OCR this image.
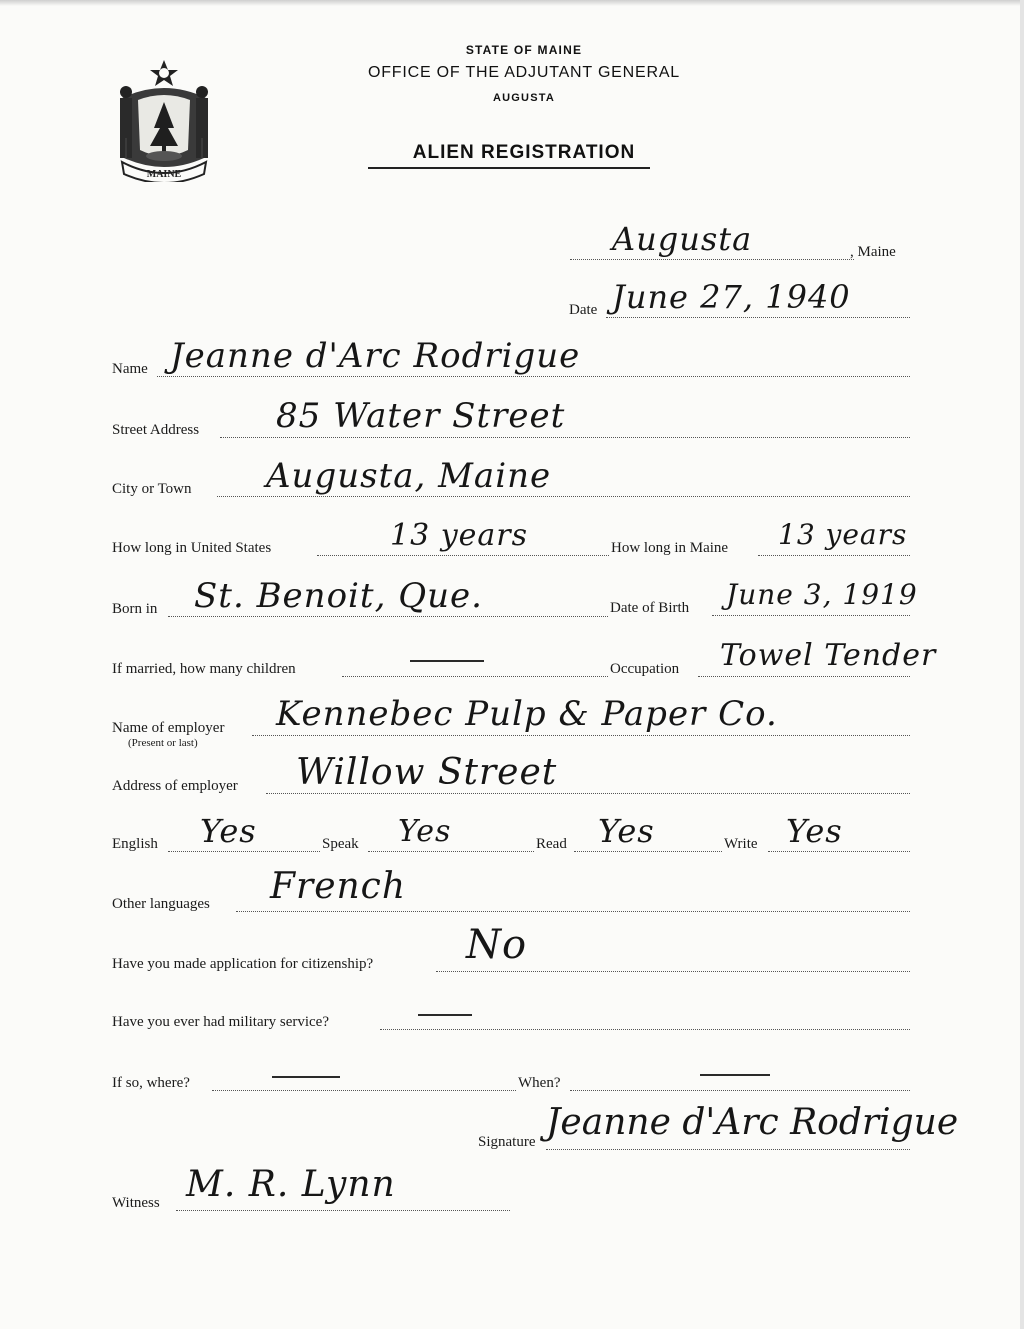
MAINE
STATE OF MAINE
OFFICE OF THE ADJUTANT GENERAL
AUGUSTA
ALIEN REGISTRATION
Augusta	, Maine
Date June 27, 1940
Name Jeanne d'Arc Rodrigue
Street Address 85 Water Street
City or Town Augusta, Maine
How long in United States	13 years	How long in Maine 13 years
Born in St. Benoit, Que.	Date of Birth June 3, 1919
If married, how many children	Occupation Towel Tender
Name of employer
(Present or last)
Kennebec Pulp & Paper Co.
Address of employer Willow Street
English Yes	Speak Yes	Read Yes	Write Yes
Other languages French
Have you made application for citizenship? No
Have you ever had military service?
If so, where?	When?
Signature Jeanne d'Arc Rodrigue
Witness M. R. Lynn
